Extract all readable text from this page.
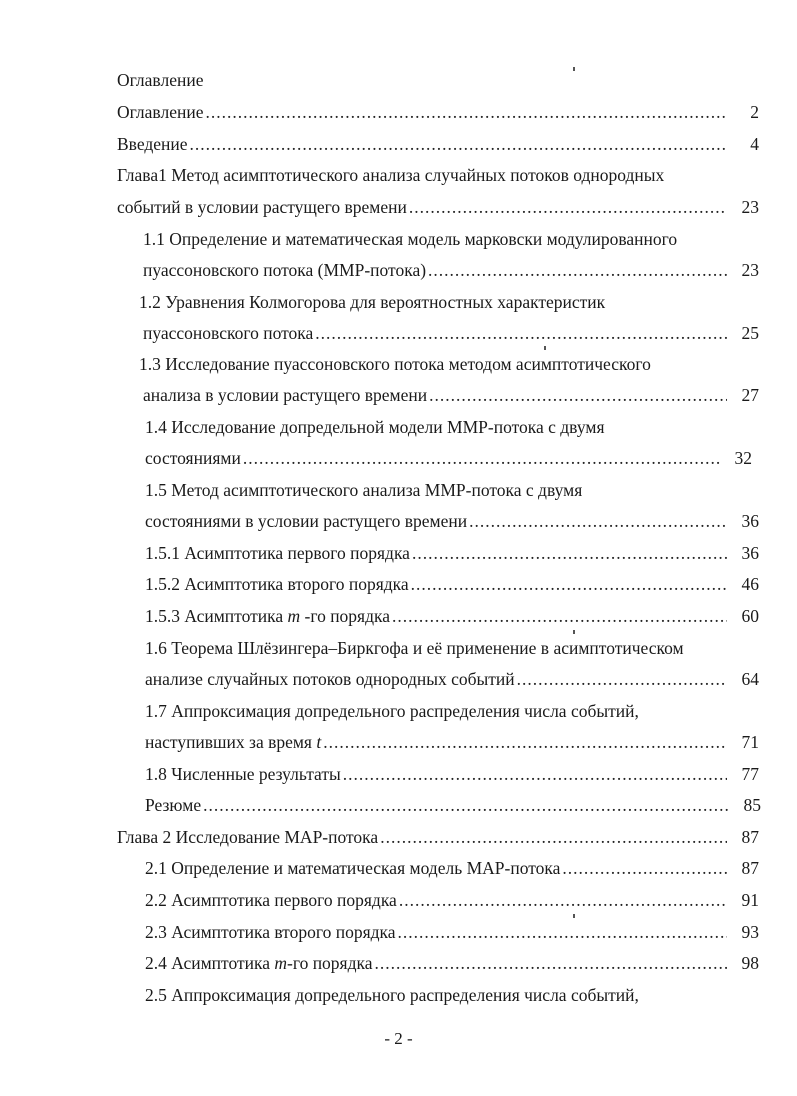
Оглавление
Оглавление .....	2
Введение .....	4
Глава1 Метод асимптотического анализа случайных потоков однородных
событий в условии растущего времени .....	23
1.1 Определение и математическая модель марковски модулированного
пуассоновского потока (ММР-потока) .....	23
1.2 Уравнения Колмогорова для вероятностных характеристик
пуассоновского потока .....	25
1.3 Исследование пуассоновского потока методом асимптотического
анализа в условии растущего времени .....	27
1.4 Исследование допредельной модели ММР-потока с двумя
состояниями .....	32
1.5 Метод асимптотического анализа ММР-потока с двумя
состояниями в условии растущего времени .....	36
1.5.1 Асимптотика первого порядка .....	36
1.5.2 Асимптотика второго порядка .....	46
1.5.3 Асимптотика m -го порядка .....	60
1.6 Теорема Шлёзингера–Биркгофа и её применение в асимптотическом
анализе случайных потоков однородных событий .....	64
1.7 Аппроксимация допредельного распределения числа событий,
наступивших за время t .....	71
1.8 Численные результаты .....	77
Резюме .....	85
Глава 2 Исследование МАР-потока .....	87
2.1 Определение и математическая модель МАР-потока .....	87
2.2 Асимптотика первого порядка .....	91
2.3 Асимптотика второго порядка .....	93
2.4 Асимптотика m-го порядка .....	98
2.5 Аппроксимация допредельного распределения числа событий,
- 2 -
